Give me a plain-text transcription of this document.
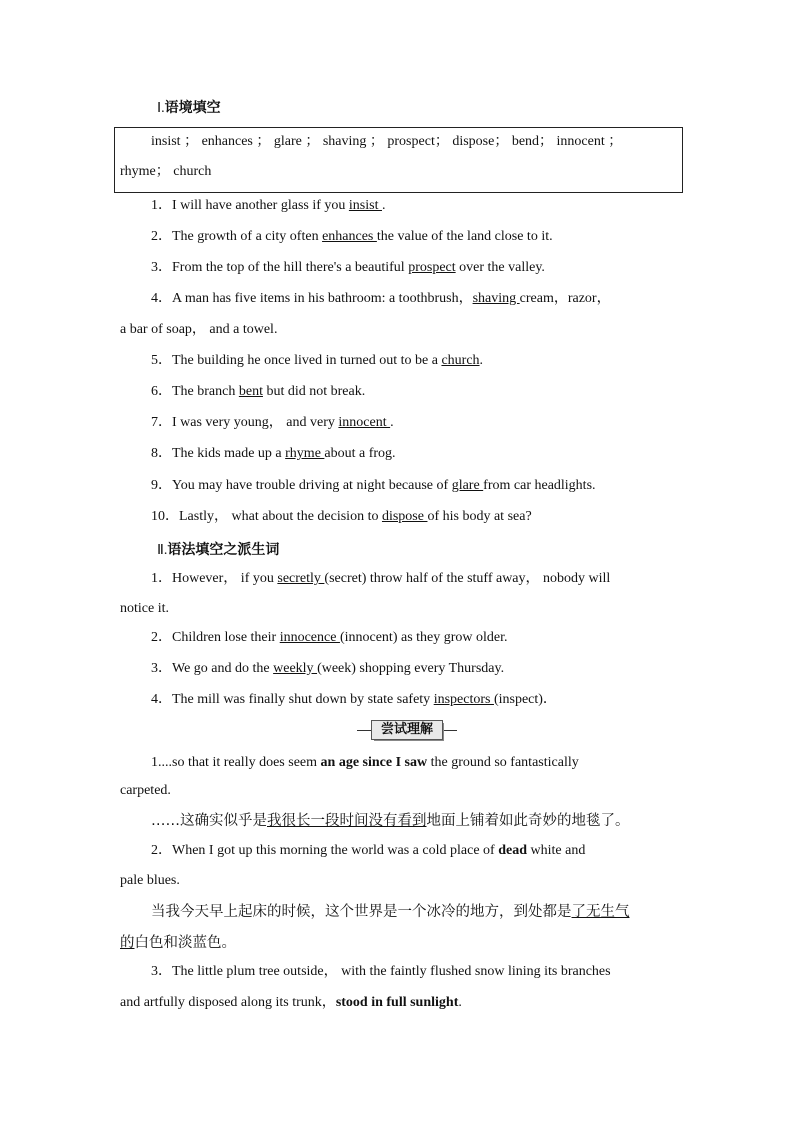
Ⅰ.语境填空
insist ； enhances ； glare ； shaving ； prospect； dispose； bend； innocent ；
rhyme； church
1．I will have another glass if you insist .
2．The growth of a city often enhances the value of the land close to it.
3．From the top of the hill there's a beautiful prospect over the valley.
4．A man has five items in his bathroom: a toothbrush，shaving cream，razor，
a bar of soap， and a towel.
5．The building he once lived in turned out to be a church.
6．The branch bent but did not break.
7．I was very young， and very innocent .
8．The kids made up a rhyme about a frog.
9．You may have trouble driving at night because of glare from car headlights.
10．Lastly， what about the decision to dispose of his body at sea?
Ⅱ.语法填空之派生词
1．However， if you secretly (secret) throw half of the stuff away， nobody will
notice it.
2．Children lose their innocence (innocent) as they grow older.
3．We go and do the weekly (week) shopping every Thursday.
4．The mill was finally shut down by state safety inspectors (inspect)．
尝试理解
1....so that it really does seem an age since I saw the ground so fantastically
carpeted.
……这确实似乎是我很长一段时间没有看到地面上铺着如此奇妙的地毯了。
2．When I got up this morning the world was a cold place of dead white and
pale blues.
当我今天早上起床的时候，这个世界是一个冰冷的地方，到处都是了无生气
的白色和淡蓝色。
3．The little plum tree outside， with the faintly flushed snow lining its branches
and artfully disposed along its trunk，stood in full sunlight.
